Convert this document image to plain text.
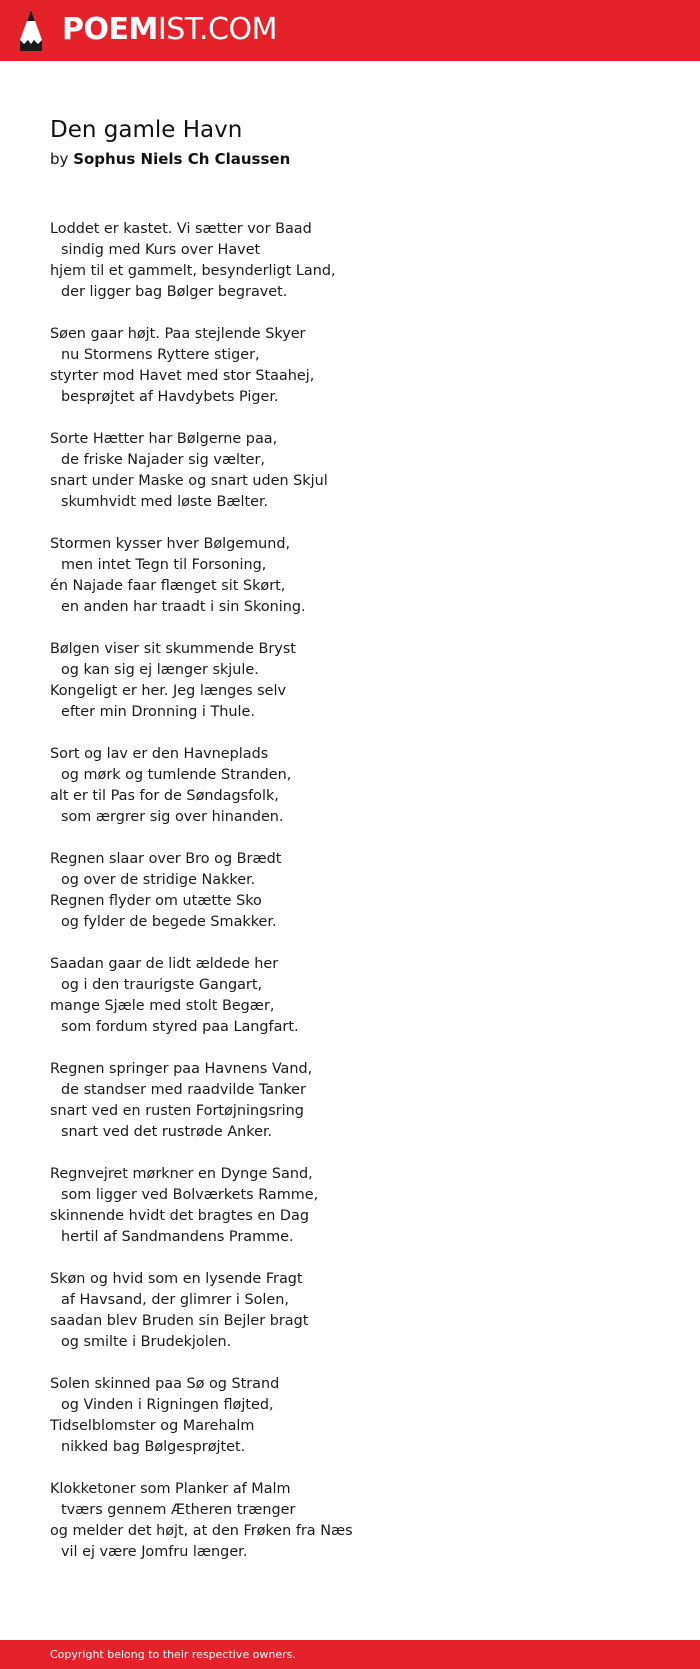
POEMIST.COM
Den gamle Havn
by Sophus Niels Ch Claussen
Loddet er kastet. Vi sætter vor Baad
sindig med Kurs over Havet
hjem til et gammelt, besynderligt Land,
der ligger bag Bølger begravet.
Søen gaar højt. Paa stejlende Skyer
nu Stormens Ryttere stiger,
styrter mod Havet med stor Staahej,
besprøjtet af Havdybets Piger.
Sorte Hætter har Bølgerne paa,
de friske Najader sig vælter,
snart under Maske og snart uden Skjul
skumhvidt med løste Bælter.
Stormen kysser hver Bølgemund,
men intet Tegn til Forsoning,
én Najade faar flænget sit Skørt,
en anden har traadt i sin Skoning.
Bølgen viser sit skummende Bryst
og kan sig ej længer skjule.
Kongeligt er her. Jeg længes selv
efter min Dronning i Thule.
Sort og lav er den Havneplads
og mørk og tumlende Stranden,
alt er til Pas for de Søndagsfolk,
som ærgrer sig over hinanden.
Regnen slaar over Bro og Brædt
og over de stridige Nakker.
Regnen flyder om utætte Sko
og fylder de begede Smakker.
Saadan gaar de lidt ældede her
og i den traurigste Gangart,
mange Sjæle med stolt Begær,
som fordum styred paa Langfart.
Regnen springer paa Havnens Vand,
de standser med raadvilde Tanker
snart ved en rusten Fortøjningsring
snart ved det rustrøde Anker.
Regnvejret mørkner en Dynge Sand,
som ligger ved Bolværkets Ramme,
skinnende hvidt det bragtes en Dag
hertil af Sandmandens Pramme.
Skøn og hvid som en lysende Fragt
af Havsand, der glimrer i Solen,
saadan blev Bruden sin Bejler bragt
og smilte i Brudekjolen.
Solen skinned paa Sø og Strand
og Vinden i Rigningen fløjted,
Tidselblomster og Marehalm
nikked bag Bølgesprøjtet.
Klokketoner som Planker af Malm
tværs gennem Ætheren trænger
og melder det højt, at den Frøken fra Næs
vil ej være Jomfru længer.
Copyright belong to their respective owners.
